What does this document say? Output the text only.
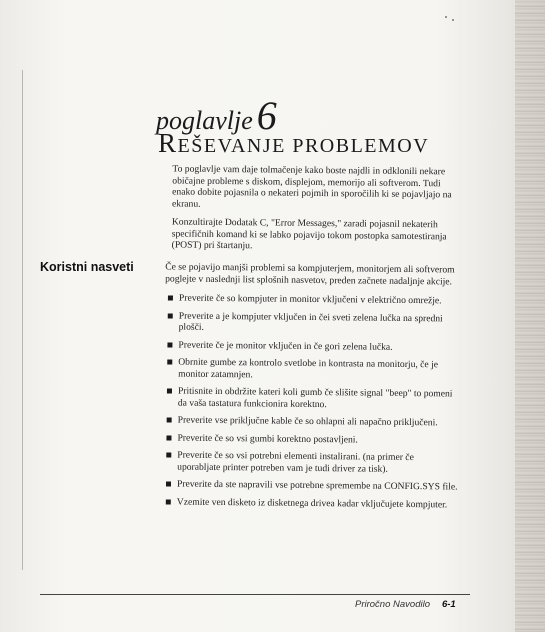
poglavlje 6
REŠEVANJE PROBLEMOV

To poglavlje vam daje tolmačenje kako boste najdli in odklonili nekare običajne probleme s diskom, displejom, memorijo ali softverom. Tudi enako dobite pojasnila o nekateri pojmih in sporočilih ki se pojavljajo na ekranu.

Konzultirajte Dodatak C, "Error Messages," zaradi pojasnil nekaterih specifičnih komand ki se labko pojavijo tokom postopka samotestiranja (POST) pri štartanju.

Koristni nasveti	Če se pojavijo manjši problemi sa kompjuterjem, monitorjem ali softverom poglejte v naslednji list splošnih nasvetov, preden začnete nadaljnje akcije.

Preverite če so kompjuter in monitor vključeni v električno omrežje.
Preverite a je kompjuter vključen in čei sveti zelena lučka na spredni plošči.
Preverite če je monitor vključen in če gori zelena lučka.
Obrnite gumbe za kontrolo svetlobe in kontrasta na monitorju, če je monitor zatamnjen.
Pritisnite in obdržite kateri koli gumb če slišite signal "beep" to pomeni da vaša tastatura funkcionira korektno.
Preverite vse priključne kable če so ohlapni ali napačno priključeni.
Preverite če so vsi gumbi korektno postavljeni.
Preverite če so vsi potrebni elementi instalirani. (na primer če uporabljate printer potreben vam je tudi driver za tisk).
Preverite da ste napravili vse potrebne spremembe na CONFIG.SYS file.
Vzemite ven disketo iz disketnega drivea kadar vključujete kompjuter.
Priročno Navodilo 6-1
